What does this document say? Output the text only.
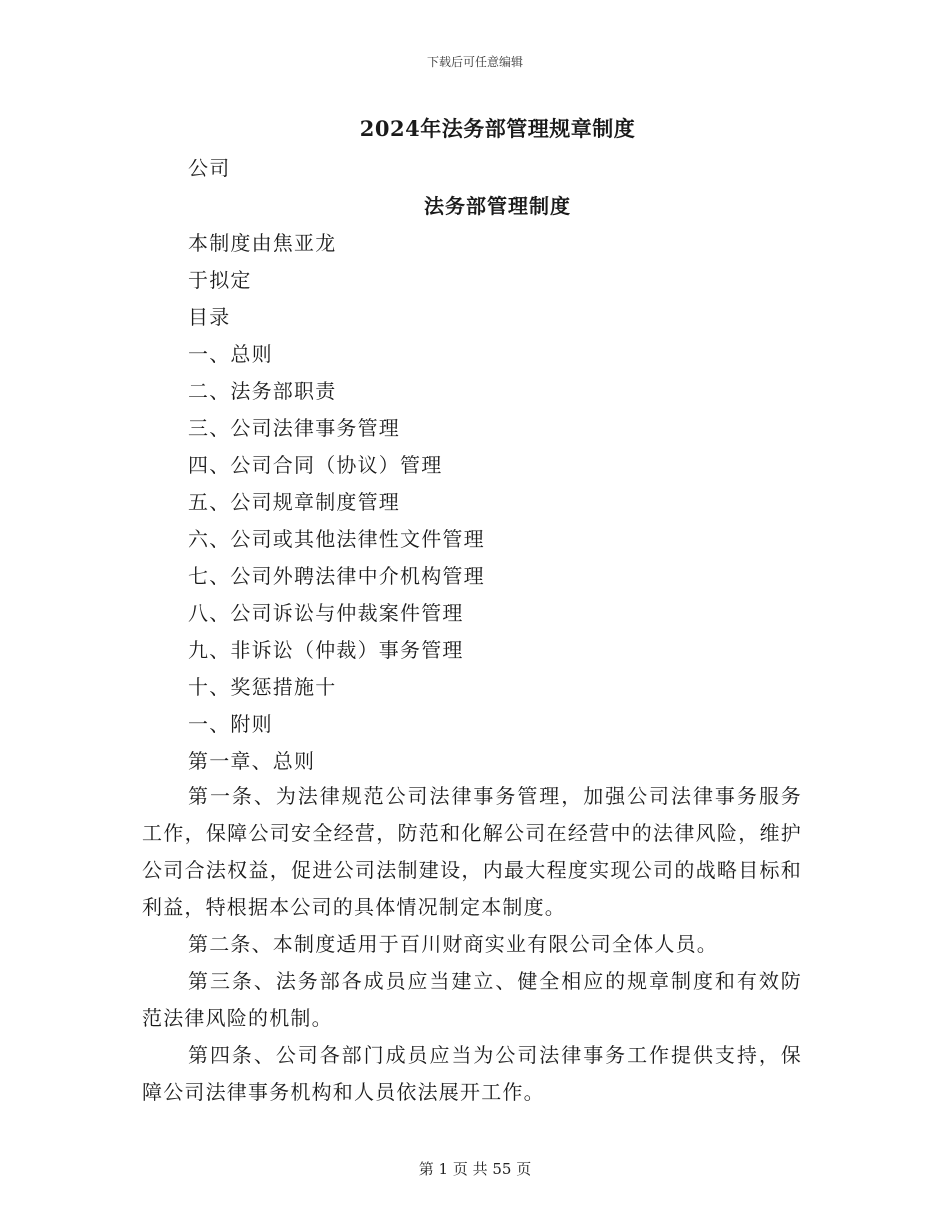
下载后可任意编辑
2024年法务部管理规章制度
公司
法务部管理制度
本制度由焦亚龙
于拟定
目录
一、总则
二、法务部职责
三、公司法律事务管理
四、公司合同（协议）管理
五、公司规章制度管理
六、公司或其他法律性文件管理
七、公司外聘法律中介机构管理
八、公司诉讼与仲裁案件管理
九、非诉讼（仲裁）事务管理
十、奖惩措施十
一、附则
第一章、总则
第一条、为法律规范公司法律事务管理，加强公司法律事务服务工作，保障公司安全经营，防范和化解公司在经营中的法律风险，维护公司合法权益，促进公司法制建设，内最大程度实现公司的战略目标和利益，特根据本公司的具体情况制定本制度。
第二条、本制度适用于百川财商实业有限公司全体人员。
第三条、法务部各成员应当建立、健全相应的规章制度和有效防范法律风险的机制。
第四条、公司各部门成员应当为公司法律事务工作提供支持，保障公司法律事务机构和人员依法展开工作。
第 1 页 共 55 页
